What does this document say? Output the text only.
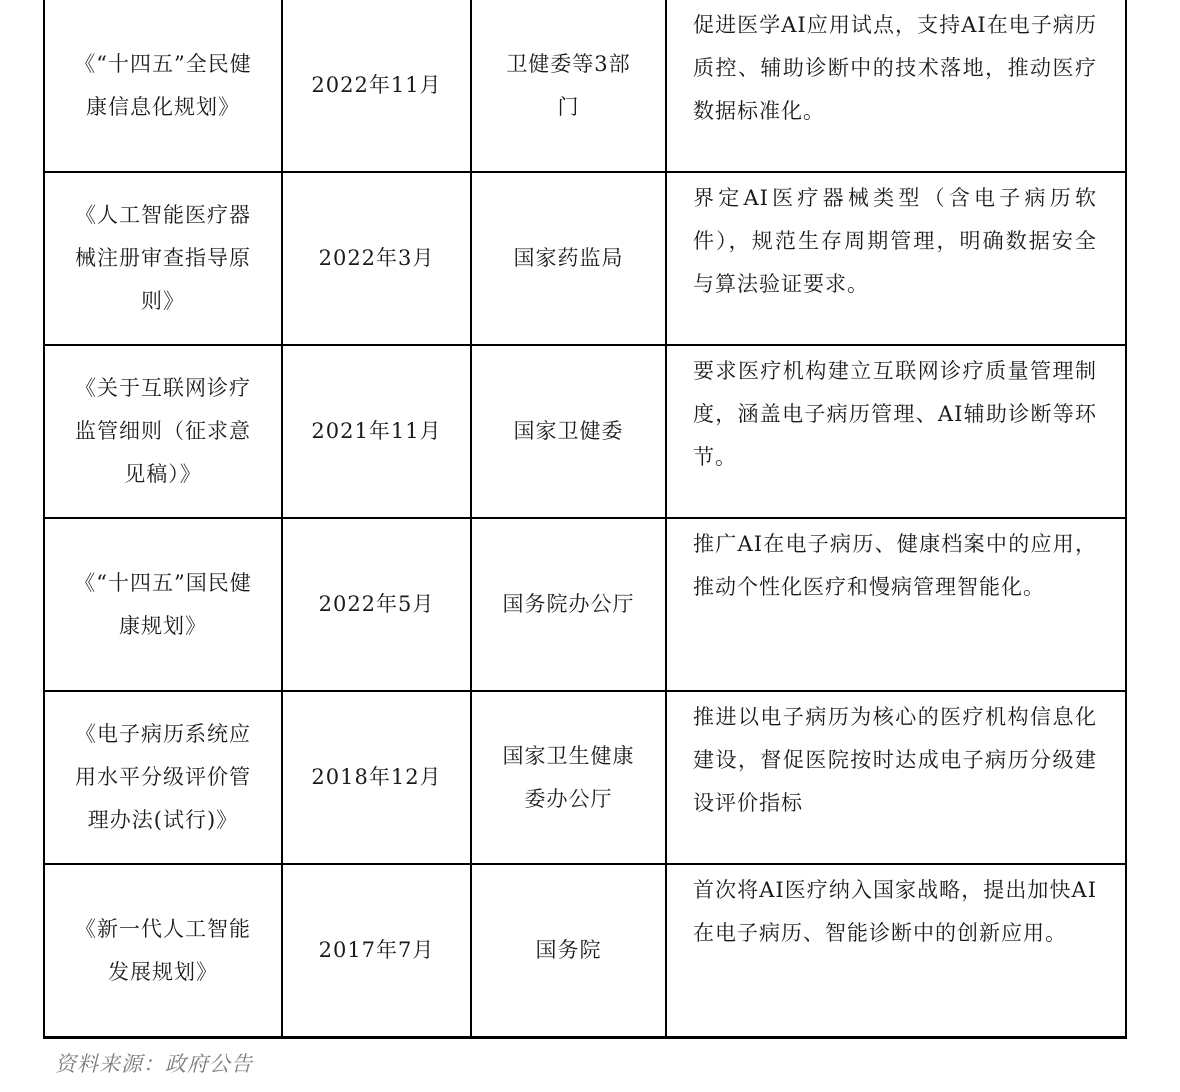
《“十四五”全民健康信息化规划》	2022年11月	卫健委等3部门	促进医学AI应用试点，支持AI在电子病历质控、辅助诊断中的技术落地，推动医疗数据标准化。
《人工智能医疗器械注册审查指导原则》	2022年3月	国家药监局	界定AI医疗器械类型（含电子病历软件），规范生存周期管理，明确数据安全与算法验证要求。
《关于互联网诊疗监管细则（征求意见稿）》	2021年11月	国家卫健委	要求医疗机构建立互联网诊疗质量管理制度，涵盖电子病历管理、AI辅助诊断等环节。
《“十四五”国民健康规划》	2022年5月	国务院办公厅	推广AI在电子病历、健康档案中的应用，推动个性化医疗和慢病管理智能化。
《电子病历系统应用水平分级评价管理办法(试行)》	2018年12月	国家卫生健康委办公厅	推进以电子病历为核心的医疗机构信息化建设，督促医院按时达成电子病历分级建设评价指标
《新一代人工智能发展规划》	2017年7月	国务院	首次将AI医疗纳入国家战略，提出加快AI在电子病历、智能诊断中的创新应用。
资料来源：政府公告
